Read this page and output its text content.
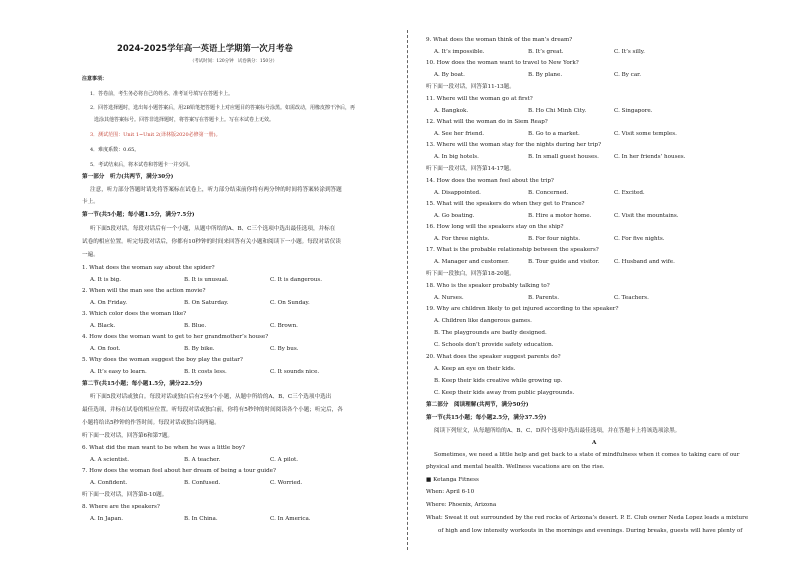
2024-2025学年高一英语上学期第一次月考卷
（考试时间：120分钟　试卷满分：150分）
注意事项：
1．答卷前，考生务必将自己的姓名、准考证号填写在答题卡上。
2．回答选择题时，选出每小题答案后，用2B铅笔把答题卡上对应题目的答案标号涂黑。如需改动，用橡皮擦干净后，再
选涂其他答案标号。回答非选择题时，将答案写在答题卡上。写在本试卷上无效。
3．测试范围：Unit 1~Unit 2(译林版2020必修第一册)。
4．难度系数：0.65。
5．考试结束后，将本试卷和答题卡一并交回。
第一部分　听力(共两节，满分30分)
注意，听力部分答题时请先将答案标在试卷上，听力部分结束前你将有两分钟的时间将答案转涂到答题
卡上。
第一节(共5小题；每小题1.5分，满分7.5分)
听下面5段对话。每段对话后有一个小题，从题中所给的A、B、C三个选项中选出最佳选项，并标在
试卷的相应位置。听完每段对话后，你都有10秒钟的时间来回答有关小题和阅读下一小题。每段对话仅读
一遍。
1. What does the woman say about the spider?
A. It is big.	B. It is unusual.	C. It is dangerous.
2. When will the man see the action movie?
A. On Friday.	B. On Saturday.	C. On Sunday.
3. Which color does the woman like?
A. Black.	B. Blue.	C. Brown.
4. How does the woman want to get to her grandmother’s house?
A. On foot.	B. By bike.	C. By bus.
5. Why does the woman suggest the boy play the guitar?
A. It’s easy to learn.	B. It costs less.	C. It sounds nice.
第二节(共15小题；每小题1.5分，满分22.5分)
听下面5段对话或独白。每段对话或独白后有2至4个小题，从题中所给的A、B、C三个选项中选出
最佳选项，并标在试卷的相应位置。听每段对话或独白前，你将有5秒钟的时间阅读各个小题；听完后，各
小题将给出5秒钟的作答时间。每段对话或独白读两遍。
听下面一段对话，回答第6和第7题。
6. What did the man want to be when he was a little boy?
A. A scientist.	B. A teacher.	C. A pilot.
7. How does the woman feel about her dream of being a tour guide?
A. Confident.	B. Confused.	C. Worried.
听下面一段对话，回答第8-10题。
8. Where are the speakers?
A. In Japan.	B. In China.	C. In America.
9. What does the woman think of the man’s dream?
A. It’s impossible.	B. It’s great.	C. It’s silly.
10. How does the woman want to travel to New York?
A. By boat.	B. By plane.	C. By car.
听下面一段对话，回答第11-13题。
11. Where will the woman go at first?
A. Bangkok.	B. Ho Chi Minh City.	C. Singapore.
12. What will the woman do in Siem Reap?
A. See her friend.	B. Go to a market.	C. Visit some temples.
13. Where will the woman stay for the nights during her trip?
A. In big hotels.	B. In small guest houses.	C. In her friends’ houses.
听下面一段对话，回答第14-17题。
14. How does the woman feel about the trip?
A. Disappointed.	B. Concerned.	C. Excited.
15. What will the speakers do when they get to France?
A. Go boating.	B. Hire a motor home.	C. Visit the mountains.
16. How long will the speakers stay on the ship?
A. For three nights.	B. For four nights.	C. For five nights.
17. What is the probable relationship between the speakers?
A. Manager and customer.	B. Tour guide and visitor.	C. Husband and wife.
听下面一段独白，回答第18-20题。
18. Who is the speaker probably talking to?
A. Nurses.	B. Parents.	C. Teachers.
19. Why are children likely to get injured according to the speaker?
A. Children like dangerous games.
B. The playgrounds are badly designed.
C. Schools don’t provide safety education.
20. What does the speaker suggest parents do?
A. Keep an eye on their kids.
B. Keep their kids creative while growing up.
C. Keep their kids away from public playgrounds.
第二部分　阅读理解(共两节，满分50分)
第一节(共15小题；每小题2.5分，满分37.5分)
阅读下列短文，从每题所给的A、B、C、D四个选项中选出最佳选项，并在答题卡上将该选项涂黑。
A
Sometimes, we need a little help and get back to a state of mindfulness when it comes to taking care of our
physical and mental health. Wellness vacations are on the rise.
■ Ketanga Fitness
When: April 6-10
Where: Phoenix, Arizona
What: Sweat it out surrounded by the red rocks of Arizona’s desert. P. E. Club owner Neda Lopez leads a mixture
of high and low intensity workouts in the mornings and evenings. During breaks, guests will have plenty of
